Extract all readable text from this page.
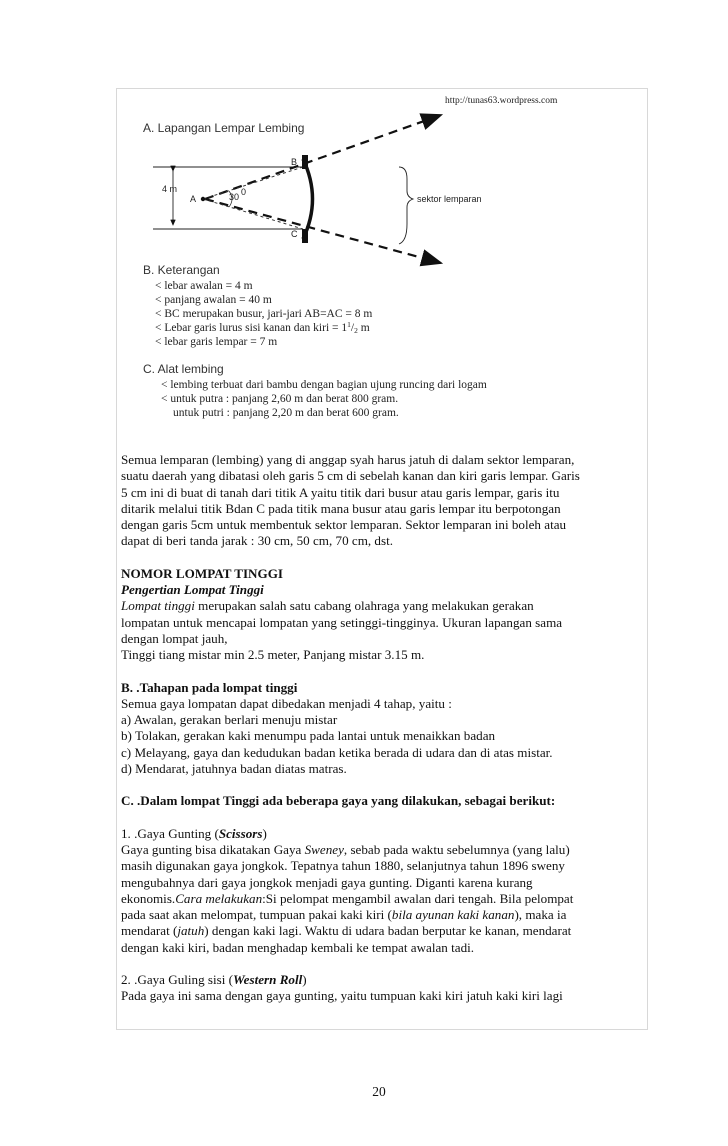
http://tunas63.wordpress.com
A. Lapangan Lempar Lembing
4 m
A	30 0
B
C
sektor lemparan
B. Keterangan
< lebar awalan = 4 m
< panjang awalan = 40 m
< BC merupakan busur, jari-jari AB=AC = 8 m
< Lebar garis lurus sisi kanan dan kiri = $1^1/2$ m
< lebar garis lempar = 7 m
C. Alat lembing
< lembing terbuat dari bambu dengan bagian ujung runcing dari logam
< untuk putra : panjang 2,60 m dan berat 800 gram.
untuk putri : panjang 2,20 m dan berat 600 gram.

Semua lemparan (lembing) yang di anggap syah harus jatuh di dalam sektor lemparan,
suatu daerah yang dibatasi oleh garis 5 cm di sebelah kanan dan kiri garis lempar. Garis
5 cm ini di buat di tanah dari titik A yaitu titik dari busur atau garis lempar, garis itu
ditarik melalui titik Bdan C pada titik mana busur atau garis lempar itu berpotongan
dengan garis 5cm untuk membentuk sektor lemparan. Sektor lemparan ini boleh atau
dapat di beri tanda jarak : 30 cm, 50 cm, 70 cm, dst.

NOMOR LOMPAT TINGGI
Pengertian Lompat Tinggi
Lompat tinggi merupakan salah satu cabang olahraga yang melakukan gerakan
lompatan untuk mencapai lompatan yang setinggi-tingginya. Ukuran lapangan sama
dengan lompat jauh,
Tinggi tiang mistar min 2.5 meter, Panjang mistar 3.15 m.

B. .Tahapan pada lompat tinggi
Semua gaya lompatan dapat dibedakan menjadi 4 tahap, yaitu :
a) Awalan, gerakan berlari menuju mistar
b) Tolakan, gerakan kaki menumpu pada lantai untuk menaikkan badan
c) Melayang, gaya dan kedudukan badan ketika berada di udara dan di atas mistar.
d) Mendarat, jatuhnya badan diatas matras.

C. .Dalam lompat Tinggi ada beberapa gaya yang dilakukan, sebagai berikut:

1. .Gaya Gunting (Scissors)
Gaya gunting bisa dikatakan Gaya Sweney, sebab pada waktu sebelumnya (yang lalu)
masih digunakan gaya jongkok. Tepatnya tahun 1880, selanjutnya tahun 1896 sweny
mengubahnya dari gaya jongkok menjadi gaya gunting. Diganti karena kurang
ekonomis.Cara melakukan:Si pelompat mengambil awalan dari tengah. Bila pelompat
pada saat akan melompat, tumpuan pakai kaki kiri (bila ayunan kaki kanan), maka ia
mendarat (jatuh) dengan kaki lagi. Waktu di udara badan berputar ke kanan, mendarat
dengan kaki kiri, badan menghadap kembali ke tempat awalan tadi.

2. .Gaya Guling sisi (Western Roll)
Pada gaya ini sama dengan gaya gunting, yaitu tumpuan kaki kiri jatuh kaki kiri lagi

20
